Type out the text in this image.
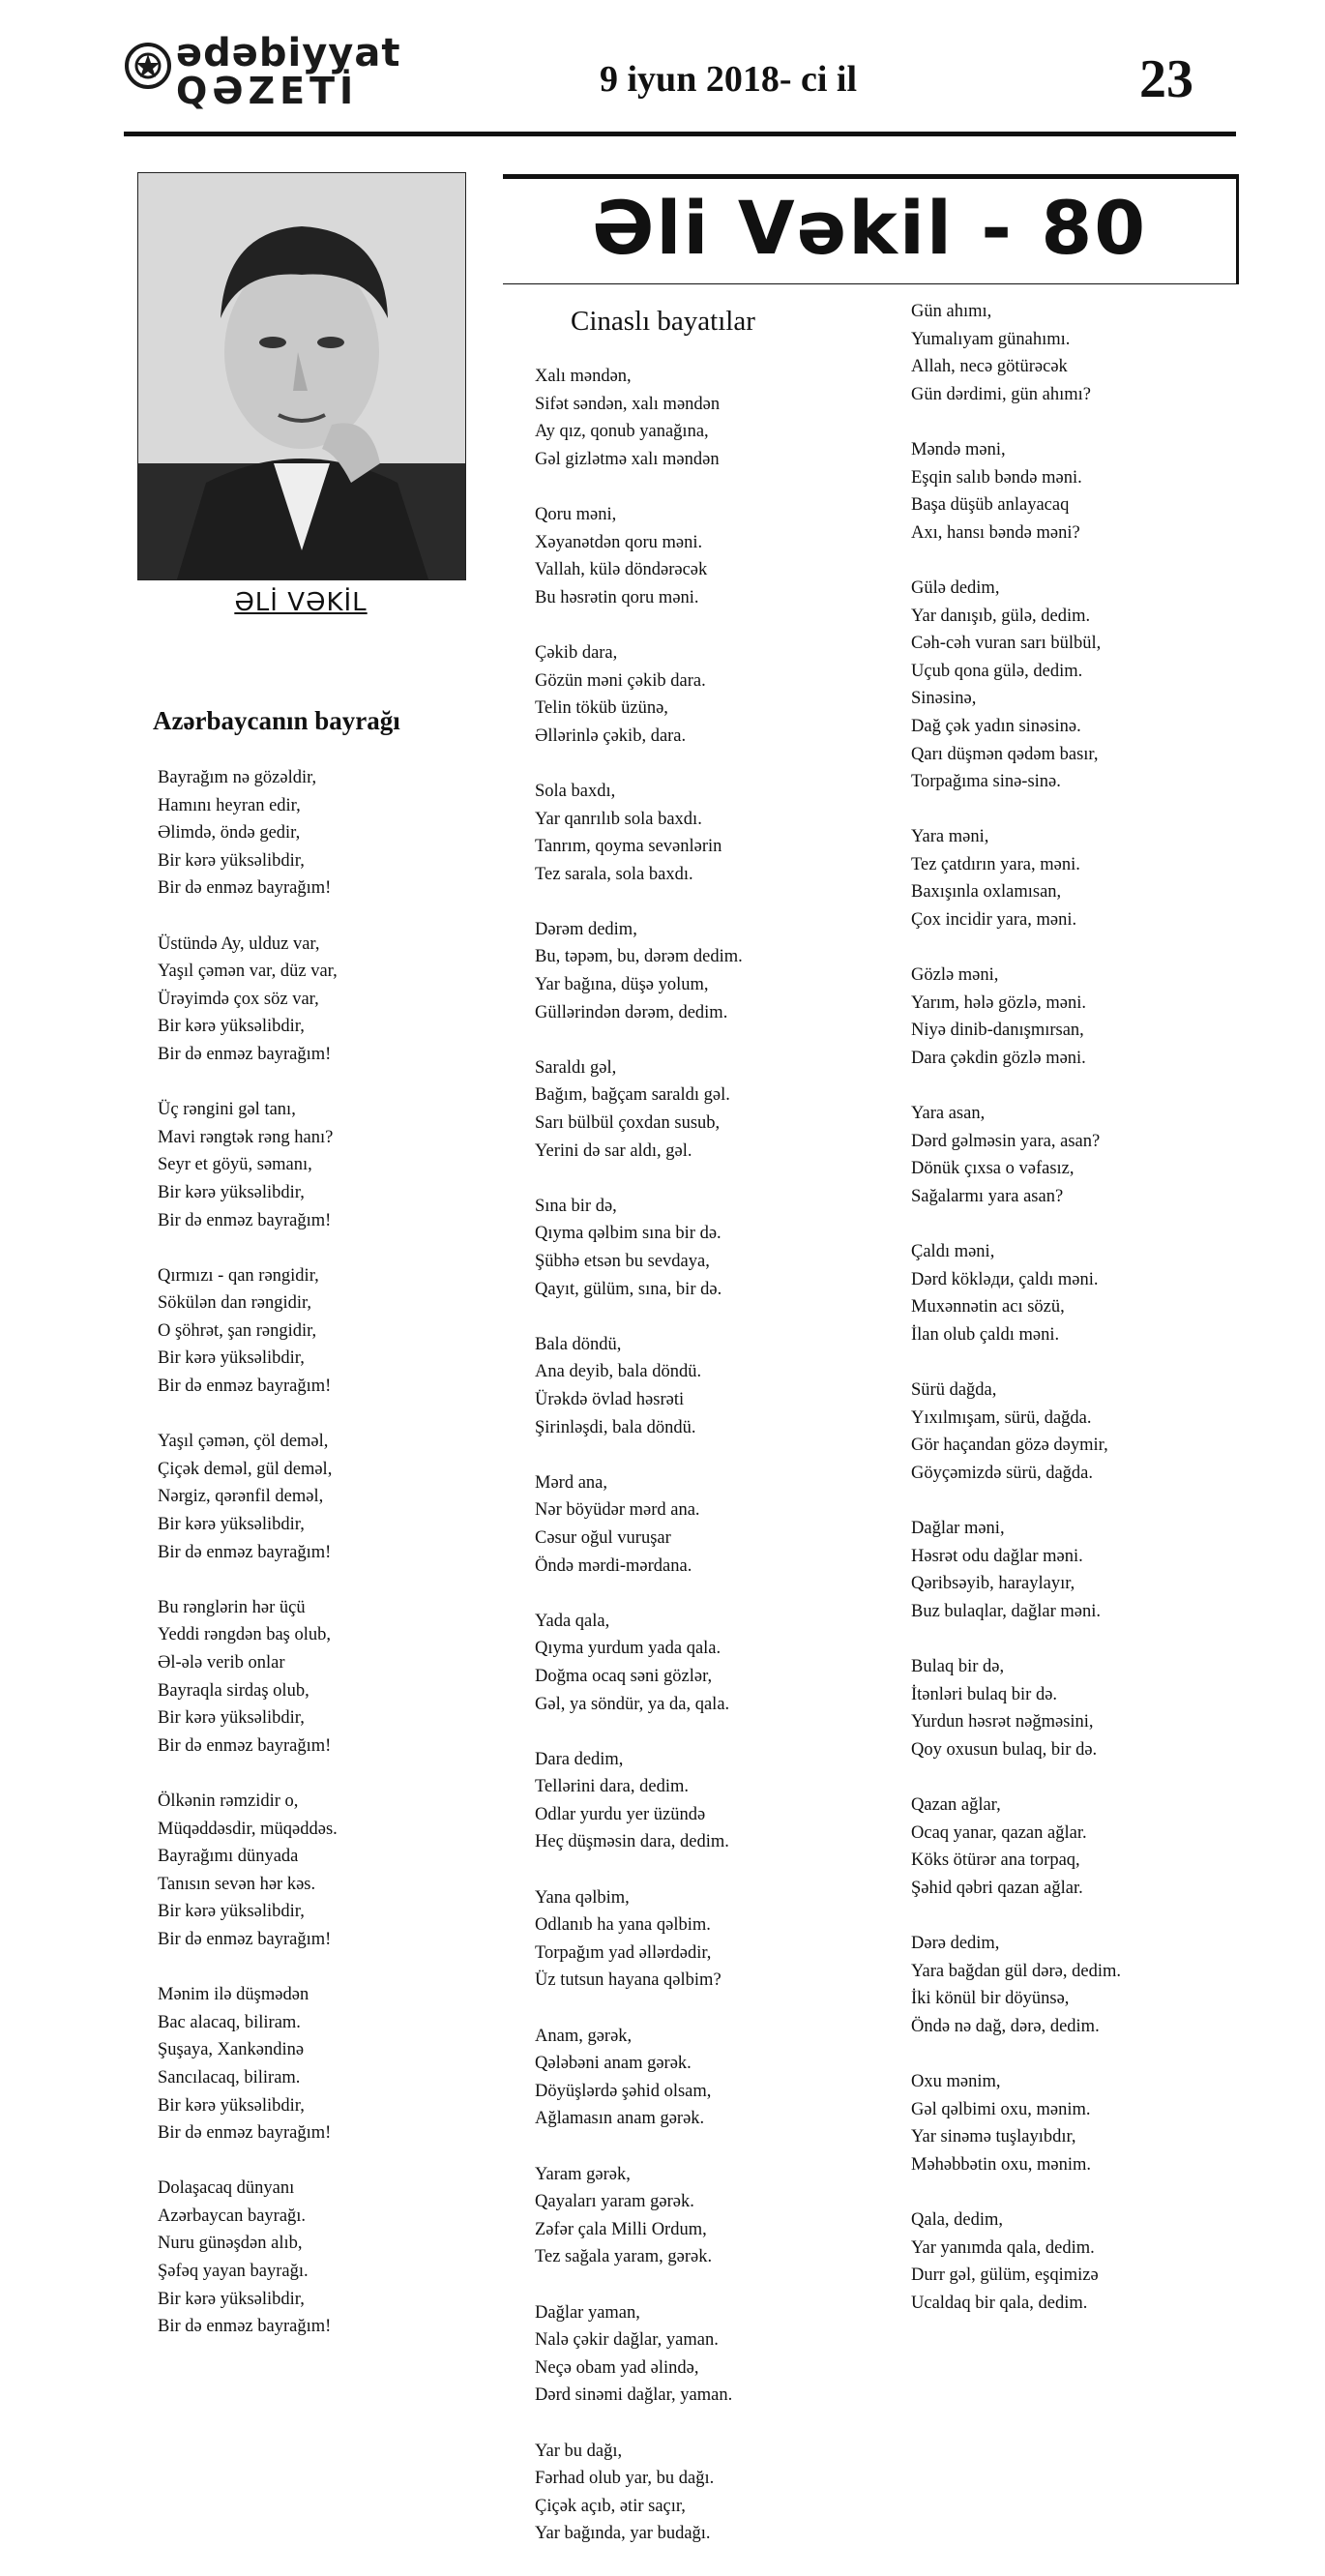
ədəbiyyat
QƏZETİ	9 iyun 2018- ci il	23
ƏLİ VƏKİL
Əli Vəkil - 80
Azərbaycanın bayrağı
Bayrağım nə gözəldir,
Hamını heyran edir,
Əlimdə, öndə gedir,
Bir kərə yüksəlibdir,
Bir də enməz bayrağım!
Üstündə Ay, ulduz var,
Yaşıl çəmən var, düz var,
Ürəyimdə çox söz var,
Bir kərə yüksəlibdir,
Bir də enməz bayrağım!
Üç rəngini gəl tanı,
Mavi rəngtək rəng hanı?
Seyr et göyü, səmanı,
Bir kərə yüksəlibdir,
Bir də enməz bayrağım!
Qırmızı - qan rəngidir,
Sökülən dan rəngidir,
O şöhrət, şan rəngidir,
Bir kərə yüksəlibdir,
Bir də enməz bayrağım!
Yaşıl çəmən, çöl deməl,
Çiçək deməl, gül deməl,
Nərgiz, qərənfil deməl,
Bir kərə yüksəlibdir,
Bir də enməz bayrağım!
Bu rənglərin hər üçü
Yeddi rəngdən baş olub,
Əl-ələ verib onlar
Bayraqla sirdaş olub,
Bir kərə yüksəlibdir,
Bir də enməz bayrağım!
Ölkənin rəmzidir o,
Müqəddəsdir, müqəddəs.
Bayrağımı dünyada
Tanısın sevən hər kəs.
Bir kərə yüksəlibdir,
Bir də enməz bayrağım!
Mənim ilə düşmədən
Bac alacaq, biliram.
Şuşaya, Xankəndinə
Sancılacaq, biliram.
Bir kərə yüksəlibdir,
Bir də enməz bayrağım!
Dolaşacaq dünyanı
Azərbaycan bayrağı.
Nuru günəşdən alıb,
Şəfəq yayan bayrağı.
Bir kərə yüksəlibdir,
Bir də enməz bayrağım!
Cinaslı bayatılar
Xalı məndən,
Sifət səndən, xalı məndən
Ay qız, qonub yanağına,
Gəl gizlətmə xalı məndən
Qoru məni,
Xəyanətdən qoru məni.
Vallah, külə döndərəcək
Bu həsrətin qoru məni.
Çəkib dara,
Gözün məni çəkib dara.
Telin töküb üzünə,
Əllərinlə çəkib, dara.
Sola baxdı,
Yar qanrılıb sola baxdı.
Tanrım, qoyma sevənlərin
Tez saralа, sola baxdı.
Dərəm dedim,
Bu, təpəm, bu, dərəm dedim.
Yar bağına, düşə yolum,
Güllərindən dərəm, dedim.
Saraldı gəl,
Bağım, bağçam saraldı gəl.
Sarı bülbül çoxdan susub,
Yerini də sar aldı, gəl.
Sına bir də,
Qıyma qəlbim sına bir də.
Şübhə etsən bu sevdaya,
Qayıt, gülüm, sına, bir də.
Bala döndü,
Ana deyib, bala döndü.
Ürəkdə övlad həsrəti
Şirinləşdi, bala döndü.
Mərd ana,
Nər böyüdər mərd ana.
Cəsur oğul vuruşar
Öndə mərdi-mərdana.
Yada qala,
Qıyma yurdum yada qala.
Doğma ocaq səni gözlər,
Gəl, ya söndür, ya da, qala.
Dara dedim,
Tellərini dara, dedim.
Odlar yurdu yer üzündə
Heç düşməsin dara, dedim.
Yana qəlbim,
Odlanıb ha yana qəlbim.
Torpağım yad əllərdədir,
Üz tutsun hayana qəlbim?
Anam, gərək,
Qələbəni anam gərək.
Döyüşlərdə şəhid olsam,
Ağlamasın anam gərək.
Yaram gərək,
Qayaları yaram gərək.
Zəfər çala Milli Ordum,
Tez sağala yaram, gərək.
Dağlar yaman,
Nalə çəkir dağlar, yaman.
Neçə obam yad əlində,
Dərd sinəmi dağlar, yaman.
Yar bu dağı,
Fərhad olub yar, bu dağı.
Çiçək açıb, ətir saçır,
Yar bağında, yar budağı.
Gün ahımı,
Yumalıyam günahımı.
Allah, necə götürəcək
Gün dərdimi, gün ahımı?
Məndə məni,
Eşqin salıb bəndə məni.
Başa düşüb anlayacaq
Axı, hansı bəndə məni?
Gülə dedim,
Yar danışıb, gülə, dedim.
Cəh-cəh vuran sarı bülbül,
Uçub qona gülə, dedim.
Sinəsinə,
Dağ çək yadın sinəsinə.
Qarı düşmən qədəm basır,
Torpağıma sinə-sinə.
Yara məni,
Tez çatdırın yara, məni.
Baxışınla oxlamısan,
Çox incidir yara, məni.
Gözlə məni,
Yarım, hələ gözlə, məni.
Niyə dinib-danışmırsan,
Dara çəkdin gözlə məni.
Yara asan,
Dərd gəlməsin yara, asan?
Dönük çıxsa o vəfasız,
Sağalarmı yara asan?
Çaldı məni,
Dərd kökləди, çaldı məni.
Muxənnətin acı sözü,
İlan olub çaldı məni.
Sürü dağda,
Yıxılmışam, sürü, dağda.
Gör haçandan gözə dəymir,
Göyçəmizdə sürü, dağda.
Dağlar məni,
Həsrət odu dağlar məni.
Qəribsəyib, haraylayır,
Buz bulaqlar, dağlar məni.
Bulaq bir də,
İtənləri bulaq bir də.
Yurdun həsrət nəğməsini,
Qoy oxusun bulaq, bir də.
Qazan ağlar,
Ocaq yanar, qazan ağlar.
Köks ötürər ana torpaq,
Şəhid qəbri qazan ağlar.
Dərə dedim,
Yara bağdan gül dərə, dedim.
İki könül bir döyünsə,
Öndə nə dağ, dərə, dedim.
Oxu mənim,
Gəl qəlbimi oxu, mənim.
Yar sinəmə tuşlayıbdır,
Məhəbbətin oxu, mənim.
Qala, dedim,
Yar yanımda qala, dedim.
Durr gəl, gülüm, eşqimizə
Ucaldaq bir qala, dedim.
